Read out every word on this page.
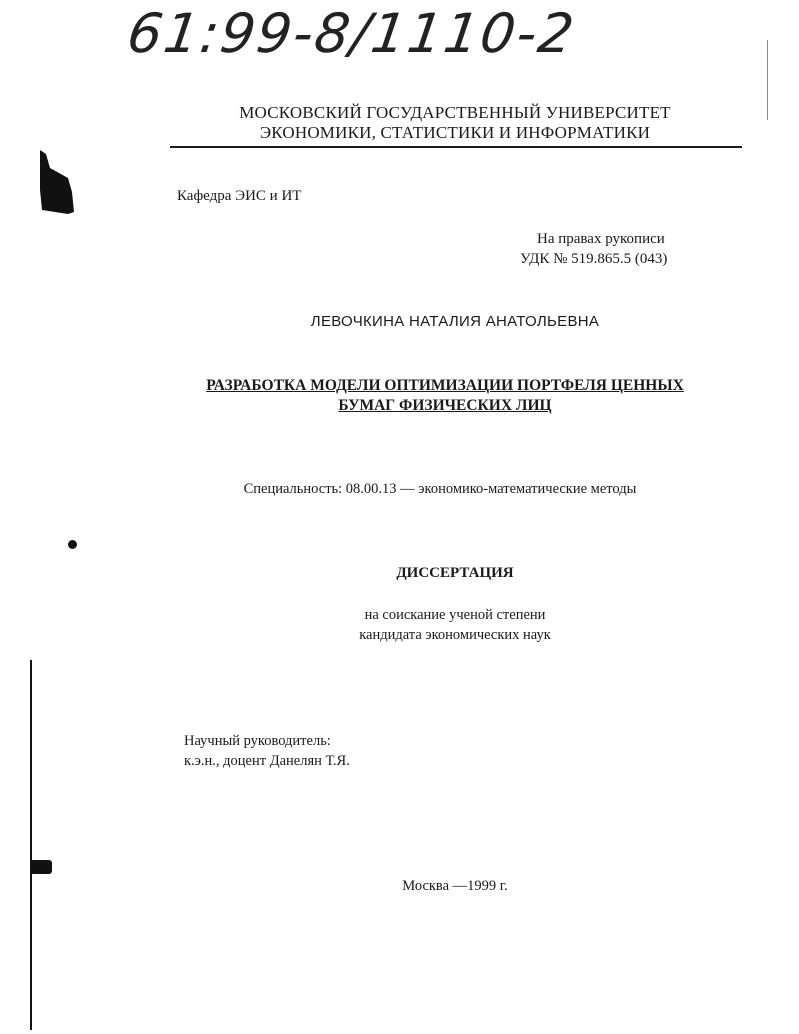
61:99-8/1110-2
МОСКОВСКИЙ ГОСУДАРСТВЕННЫЙ УНИВЕРСИТЕТ
ЭКОНОМИКИ, СТАТИСТИКИ И ИНФОРМАТИКИ
Кафедра ЭИС и ИТ
На правах рукописи
УДК № 519.865.5 (043)
ЛЕВОЧКИНА НАТАЛИЯ АНАТОЛЬЕВНА
РАЗРАБОТКА МОДЕЛИ ОПТИМИЗАЦИИ ПОРТФЕЛЯ ЦЕННЫХ
БУМАГ ФИЗИЧЕСКИХ ЛИЦ
Специальность: 08.00.13 — экономико-математические методы
ДИССЕРТАЦИЯ
на соискание ученой степени
кандидата экономических наук
Научный руководитель:
к.э.н., доцент Данелян Т.Я.
Москва —1999 г.
